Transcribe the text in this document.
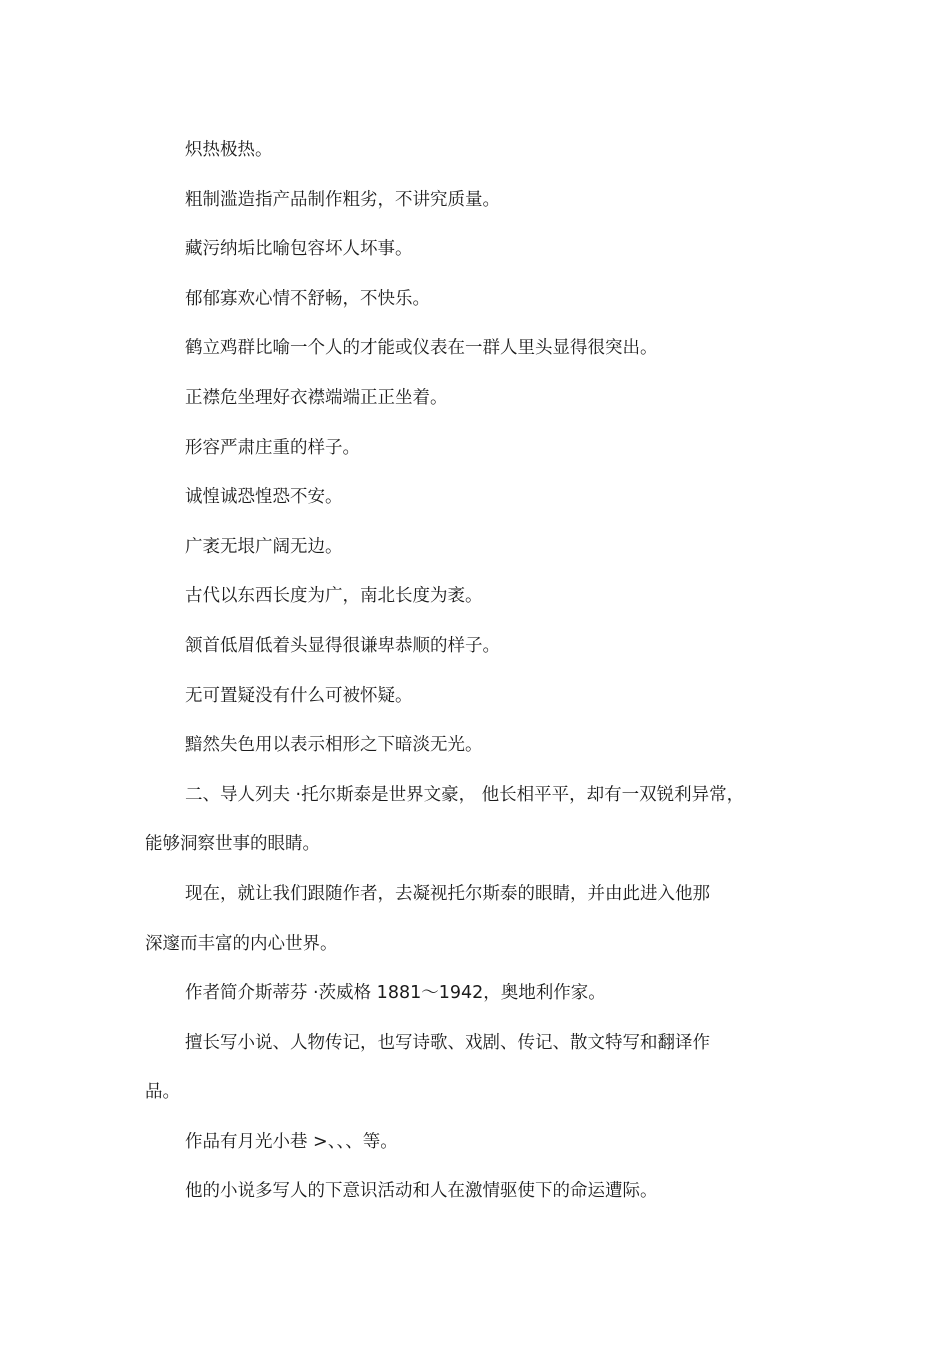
炽热极热。

粗制滥造指产品制作粗劣，不讲究质量。

藏污纳垢比喻包容坏人坏事。

郁郁寡欢心情不舒畅，不快乐。

鹤立鸡群比喻一个人的才能或仪表在一群人里头显得很突出。

正襟危坐理好衣襟端端正正坐着。

形容严肃庄重的样子。

诚惶诚恐惶恐不安。

广袤无垠广阔无边。

古代以东西长度为广，南北长度为袤。

颔首低眉低着头显得很谦卑恭顺的样子。

无可置疑没有什么可被怀疑。

黯然失色用以表示相形之下暗淡无光。

二、导人列夫 ·托尔斯泰是世界文豪， 他长相平平，却有一双锐利异常，

能够洞察世事的眼睛。

现在，就让我们跟随作者，去凝视托尔斯泰的眼睛，并由此进入他那

深邃而丰富的内心世界。

作者简介斯蒂芬 ·茨威格 1881～1942，奥地利作家。

擅长写小说、人物传记，也写诗歌、戏剧、传记、散文特写和翻译作

品。

作品有月光小巷 >、、、等。

他的小说多写人的下意识活动和人在激情驱使下的命运遭际。
